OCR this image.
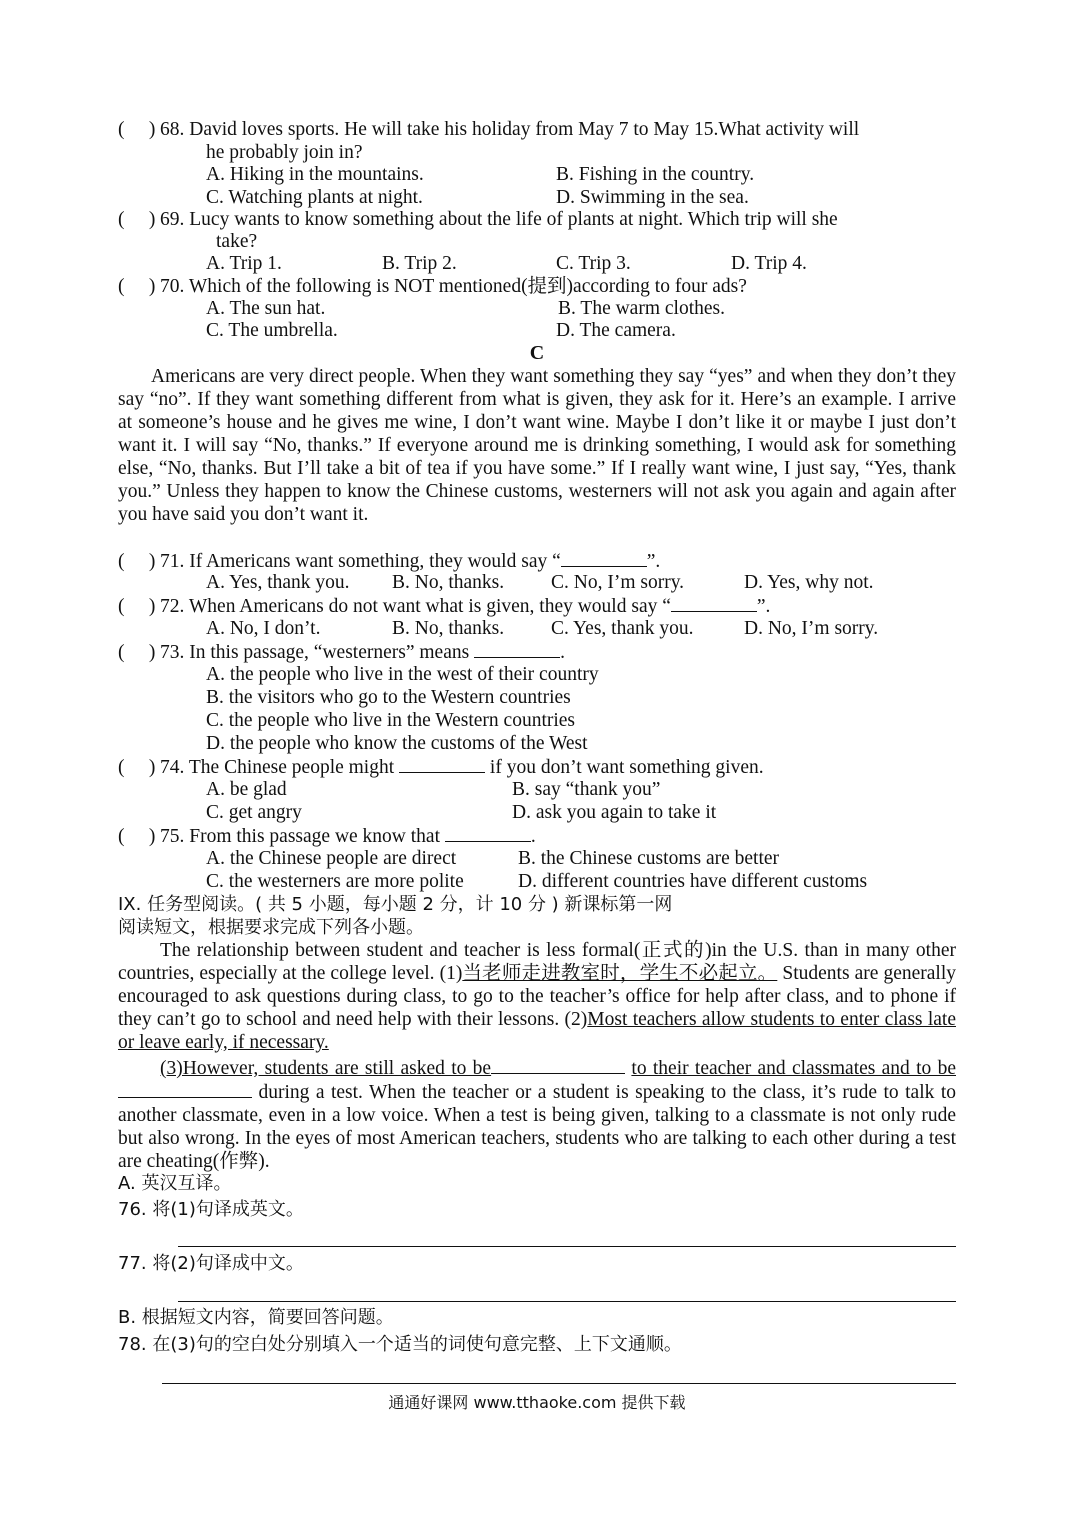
(     ) 68. David loves sports. He will take his holiday from May 7 to May 15.What activity will
he probably join in?
A. Hiking in the mountains.	B. Fishing in the country.
C. Watching plants at night.	D. Swimming in the sea.
(     ) 69. Lucy wants to know something about the life of plants at night. Which trip will she
take?
A. Trip 1.	B. Trip 2.	C. Trip 3.	D. Trip 4.
(     ) 70. Which of the following is NOT mentioned(提到)according to four ads?
A. The sun hat.	B. The warm clothes.
C. The umbrella.	D. The camera.
C
Americans are very direct people. When they want something they say “yes” and when they don’t they say “no”. If they want something different from what is given, they ask for it. Here’s an example. I arrive at someone’s house and he gives me wine, I don’t want wine. Maybe I don’t like it or maybe I just don’t want it. I will say “No, thanks.” If everyone around me is drinking something, I would ask for something else, “No, thanks. But I’ll take a bit of tea if you have some.” If I really want wine, I just say, “Yes, thank you.” Unless they happen to know the Chinese customs, westerners will not ask you again and again after you have said you don’t want it.
(     ) 71. If Americans want something, they would say “	”.
A. Yes, thank you. B. No, thanks. C. No, I’m sorry.	D. Yes, why not.
(     ) 72. When Americans do not want what is given, they would say “	”.
A. No, I don’t.	B. No, thanks. C. Yes, thank you.	D. No, I’m sorry.
(     ) 73. In this passage, “westerners” means	.
A. the people who live in the west of their country
B. the visitors who go to the Western countries
C. the people who live in the Western countries
D. the people who know the customs of the West
(     ) 74. The Chinese people might	if you don’t want something given.
A. be glad	B. say “thank you”
C. get angry	D. ask you again to take it
(     ) 75. From this passage we know that	.
A. the Chinese people are direct	B. the Chinese customs are better
C. the westerners are more polite	D. different countries have different customs
IX. 任务型阅读。( 共 5 小题，每小题 2 分，计 10 分 ) 新课标第一网
阅读短文，根据要求完成下列各小题。
The relationship between student and teacher is less formal(正式的)in the U.S. than in many other countries, especially at the college level. (1)当老师走进教室时，学生不必起立。 Students are generally encouraged to ask questions during class, to go to the teacher’s office for help after class, and to phone if they can’t go to school and need help with their lessons. (2)Most teachers allow students to enter class late or leave early, if necessary.
(3)However, students are still asked to be	to their teacher and classmates and to be  during a test. When the teacher or a student is speaking to the class, it’s rude to talk to another classmate, even in a low voice. When a test is being given, talking to a classmate is not only rude but also wrong. In the eyes of most American teachers, students who are talking to each other during a test are cheating(作弊).
A. 英汉互译。
76. 将(1)句译成英文。
77. 将(2)句译成中文。
B. 根据短文内容，简要回答问题。
78. 在(3)句的空白处分别填入一个适当的词使句意完整、上下文通顺。
通通好课网 www.tthaoke.com 提供下载
